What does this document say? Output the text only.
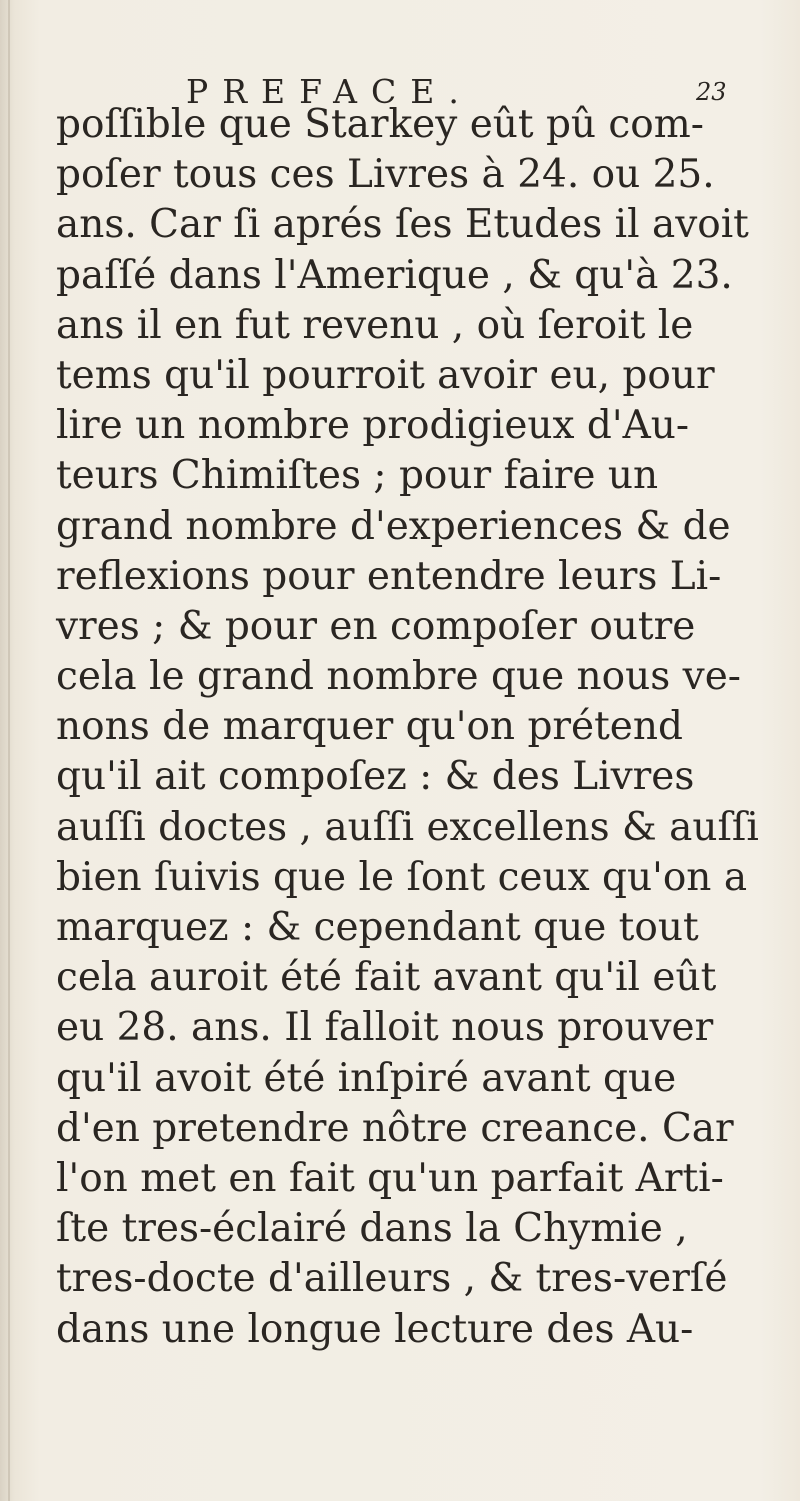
PREFACE.	23
poſſible que Starkey eût pû com-
poſer tous ces Livres à 24. ou 25.
ans. Car ſi aprés ſes Etudes il avoit
paſſé dans l'Amerique , & qu'à 23.
ans il en fut revenu , où ſeroit le
tems qu'il pourroit avoir eu, pour
lire un nombre prodigieux d'Au-
teurs Chimiſtes ; pour faire un
grand nombre d'experiences & de
reflexions pour entendre leurs Li-
vres ; & pour en compoſer outre
cela le grand nombre que nous ve-
nons de marquer qu'on prétend
qu'il ait compoſez : & des Livres
auſſi doctes , auſſi excellens & auſſi
bien ſuivis que le ſont ceux qu'on a
marquez : & cependant que tout
cela auroit été fait avant qu'il eût
eu 28. ans. Il falloit nous prouver
qu'il avoit été inſpiré avant que
d'en pretendre nôtre creance. Car
l'on met en fait qu'un parfait Arti-
ſte tres-éclairé dans la Chymie ,
tres-docte d'ailleurs , & tres-verſé
dans une longue lecture des Au-
